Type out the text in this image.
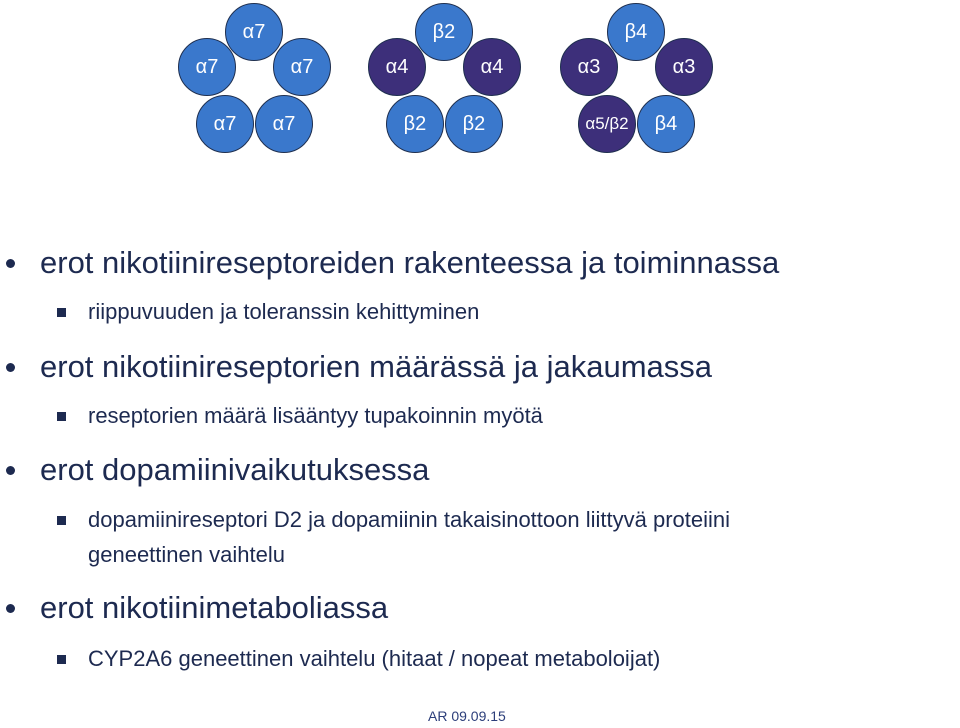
α7
α7	α7
α7 α7
β2
α4	α4
β2 β2
β4
α3	α3
α5/β2 β4
erot nikotiinireseptoreiden rakenteessa ja toiminnassa
riippuvuuden ja toleranssin kehittyminen
erot nikotiinireseptorien määrässä ja jakaumassa
reseptorien määrä lisääntyy tupakoinnin myötä
erot dopamiinivaikutuksessa
dopamiinireseptori D2 ja dopamiinin takaisinottoon liittyvä proteiini
geneettinen vaihtelu
erot nikotiinimetaboliassa
CYP2A6 geneettinen vaihtelu (hitaat / nopeat metaboloijat)
AR 09.09.15
